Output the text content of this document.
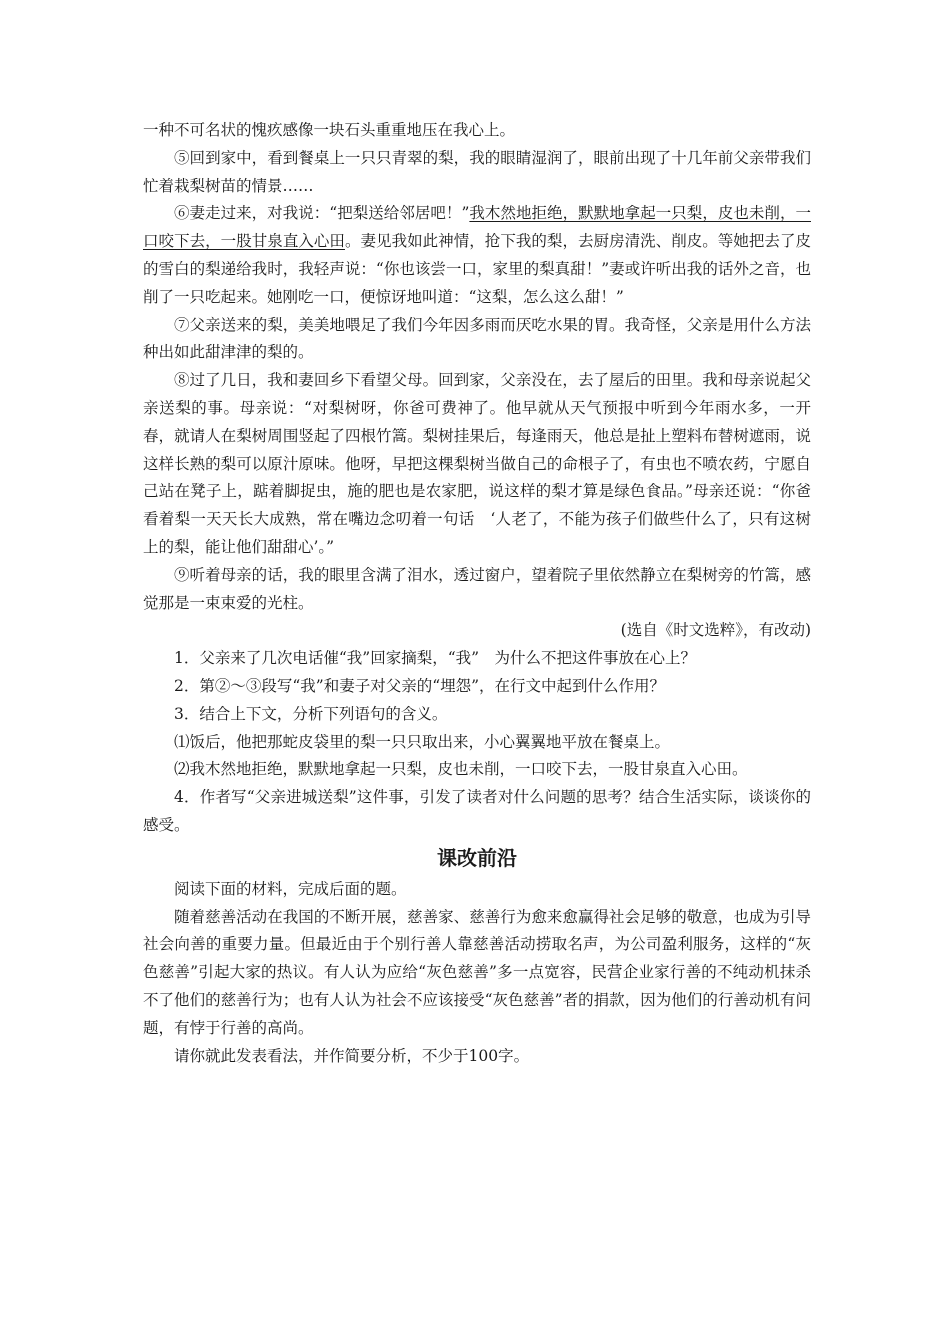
一种不可名状的愧疚感像一块石头重重地压在我心上。

⑤回到家中，看到餐桌上一只只青翠的梨，我的眼睛湿润了，眼前出现了十几年前父亲带我们忙着栽梨树苗的情景……

⑥妻走过来，对我说：“把梨送给邻居吧！”我木然地拒绝，默默地拿起一只梨，皮也未削，一口咬下去，一股甘泉直入心田。妻见我如此神情，抢下我的梨，去厨房清洗、削皮。等她把去了皮的雪白的梨递给我时，我轻声说：“你也该尝一口，家里的梨真甜！”妻或许听出我的话外之音，也削了一只吃起来。她刚吃一口，便惊讶地叫道：“这梨，怎么这么甜！”

⑦父亲送来的梨，美美地喂足了我们今年因多雨而厌吃水果的胃。我奇怪，父亲是用什么方法种出如此甜津津的梨的。

⑧过了几日，我和妻回乡下看望父母。回到家，父亲没在，去了屋后的田里。我和母亲说起父亲送梨的事。母亲说：“对梨树呀，你爸可费神了。他早就从天气预报中听到今年雨水多，一开春，就请人在梨树周围竖起了四根竹篙。梨树挂果后，每逢雨天，他总是扯上塑料布替树遮雨，说这样长熟的梨可以原汁原味。他呀，早把这棵梨树当做自己的命根子了，有虫也不喷农药，宁愿自己站在凳子上，踮着脚捉虫，施的肥也是农家肥，说这样的梨才算是绿色食品。”母亲还说：“你爸看着梨一天天长大成熟，常在嘴边念叨着一句话　‘人老了，不能为孩子们做些什么了，只有这树上的梨，能让他们甜甜心’。”

⑨听着母亲的话，我的眼里含满了泪水，透过窗户，望着院子里依然静立在梨树旁的竹篙，感觉那是一束束爱的光柱。

(选自《时文选粹》，有改动)

1．父亲来了几次电话催“我”回家摘梨，“我”　为什么不把这件事放在心上？

2．第②～③段写“我”和妻子对父亲的“埋怨”，在行文中起到什么作用？

3．结合上下文，分析下列语句的含义。

⑴饭后，他把那蛇皮袋里的梨一只只取出来，小心翼翼地平放在餐桌上。

⑵我木然地拒绝，默默地拿起一只梨，皮也未削，一口咬下去，一股甘泉直入心田。

4．作者写“父亲进城送梨”这件事，引发了读者对什么问题的思考？结合生活实际，谈谈你的感受。

课改前沿

阅读下面的材料，完成后面的题。

随着慈善活动在我国的不断开展，慈善家、慈善行为愈来愈赢得社会足够的敬意，也成为引导社会向善的重要力量。但最近由于个别行善人靠慈善活动捞取名声，为公司盈利服务，这样的“灰色慈善”引起大家的热议。有人认为应给“灰色慈善”多一点宽容，民营企业家行善的不纯动机抹杀不了他们的慈善行为；也有人认为社会不应该接受“灰色慈善”者的捐款，因为他们的行善动机有问题，有悖于行善的高尚。

请你就此发表看法，并作简要分析，不少于100字。
